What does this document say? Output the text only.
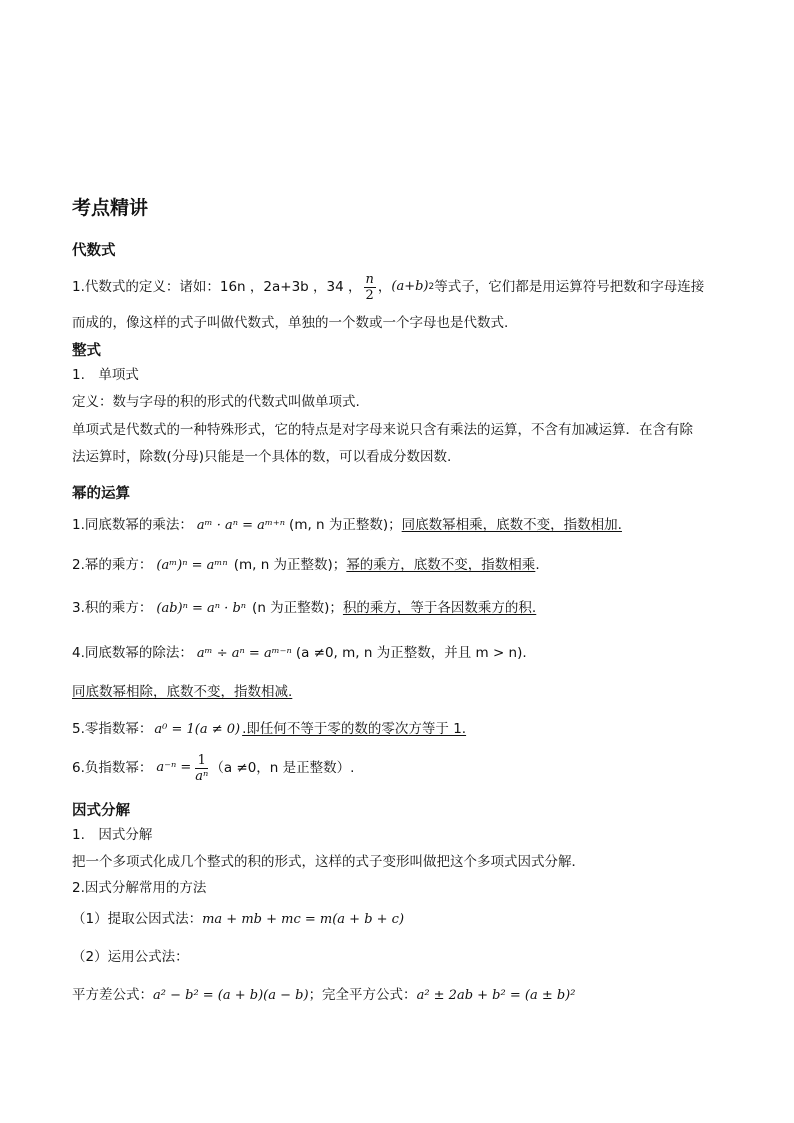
考点精讲
代数式
1.代数式的定义：诸如：16n ，2a+3b ，34 ， $\frac{n}{2}$ ， (a+b) 2 等式子，它们都是用运算符号把数和字母连接
而成的，像这样的式子叫做代数式，单独的一个数或一个字母也是代数式.
整式
1.　单项式
定义：数与字母的积的形式的代数式叫做单项式.
单项式是代数式的一种特殊形式，它的特点是对字母来说只含有乘法的运算，不含有加减运算．在含有除
法运算时，除数(分母)只能是一个具体的数，可以看成分数因数.
幂的运算
1.同底数幂的乘法： aᵐ · aⁿ = aᵐ⁺ⁿ (m, n 为正整数)；同底数幂相乘，底数不变，指数相加.
2.幂的乘方： (aᵐ)ⁿ = aᵐⁿ (m, n 为正整数)；幂的乘方，底数不变，指数相乘.
3.积的乘方： (ab)ⁿ = aⁿ · bⁿ (n 为正整数)；积的乘方，等于各因数乘方的积.
4.同底数幂的除法： aᵐ ÷ aⁿ = aᵐ⁻ⁿ (a ≠0, m, n 为正整数，并且 m > n).
同底数幂相除，底数不变，指数相减.
5.零指数幂： a⁰ = 1(a ≠ 0) .即任何不等于零的数的零次方等于 1.
6.负指数幂： $a^{-n} = \frac{1}{\text{aⁿ}} (a \ne 0$，n 是正整数）.
因式分解
1.　因式分解
把一个多项式化成几个整式的积的形式，这样的式子变形叫做把这个多项式因式分解．
2.因式分解常用的方法
（1）提取公因式法：ma + mb + mc = m(a + b + c)
（2）运用公式法：
平方差公式：a² − b² = (a + b)(a − b)；完全平方公式：a² ± 2ab + b² = (a ± b)²
